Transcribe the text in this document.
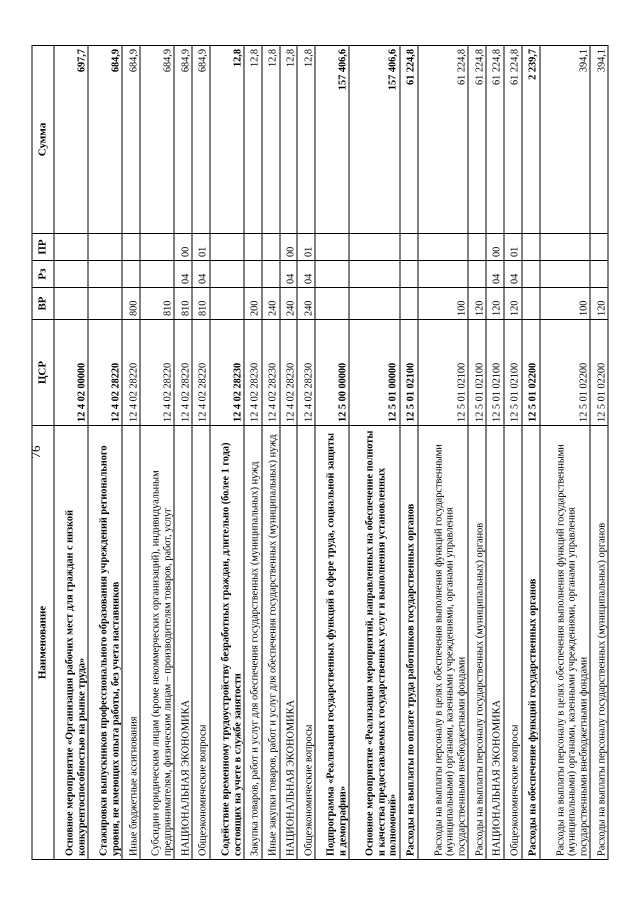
76
Наименование	ЦСР	ВР	Рз	ПР	Сумма
Основное мероприятие «Организация рабочих мест для граждан с низкой конкурентоспособностью на рынке труда»	12 4 02 00000				697,7
Стажировки выпускников профессионального образования учреждений регионального уровня, не имеющих опыта работы, без учета наставников	12 4 02 28220				684,9
Иные бюджетные ассигнования	12 4 02 28220	800			684,9
Субсидии юридическим лицам (кроме некоммерческих организаций), индивидуальным предпринимателям, физическим лицам – производителям товаров, работ, услуг	12 4 02 28220	810			684,9
НАЦИОНАЛЬНАЯ ЭКОНОМИКА	12 4 02 28220	810	04	00	684,9
Общеэкономические вопросы	12 4 02 28220	810	04	01	684,9
Содействие временному трудоустройству безработных граждан, длительно (более 1 года) состоящих на учете в службе занятости	12 4 02 28230				12,8
Закупка товаров, работ и услуг для обеспечения государственных (муниципальных) нужд	12 4 02 28230	200			12,8
Иные закупки товаров, работ и услуг для обеспечения государственных (муниципальных) нужд	12 4 02 28230	240			12,8
НАЦИОНАЛЬНАЯ ЭКОНОМИКА	12 4 02 28230	240	04	00	12,8
Общеэкономические вопросы	12 4 02 28230	240	04	01	12,8
Подпрограмма «Реализация государственных функций в сфере труда, социальной защиты и демографии»	12 5 00 00000				157 406,6
Основное мероприятие «Реализация мероприятий, направленных на обеспечение полноты и качества предоставляемых государственных услуг и выполнения установленных полномочий»	12 5 01 00000				157 406,6
Расходы на выплаты по оплате труда работников государственных органов	12 5 01 02100				61 224,8
Расходы на выплаты персоналу в целях обеспечения выполнения функций государственными (муниципальными) органами, казенными учреждениями, органами управления государственными внебюджетными фондами	12 5 01 02100	100			61 224,8
Расходы на выплаты персоналу государственных (муниципальных) органов	12 5 01 02100	120			61 224,8
НАЦИОНАЛЬНАЯ ЭКОНОМИКА	12 5 01 02100	120	04	00	61 224,8
Общеэкономические вопросы	12 5 01 02100	120	04	01	61 224,8
Расходы на обеспечение функций государственных органов	12 5 01 02200				2 239,7
Расходы на выплаты персоналу в целях обеспечения выполнения функций государственными (муниципальными) органами, казенными учреждениями, органами управления государственными внебюджетными фондами	12 5 01 02200	100			394,1
Расходы на выплаты персоналу государственных (муниципальных) органов	12 5 01 02200	120			394,1
